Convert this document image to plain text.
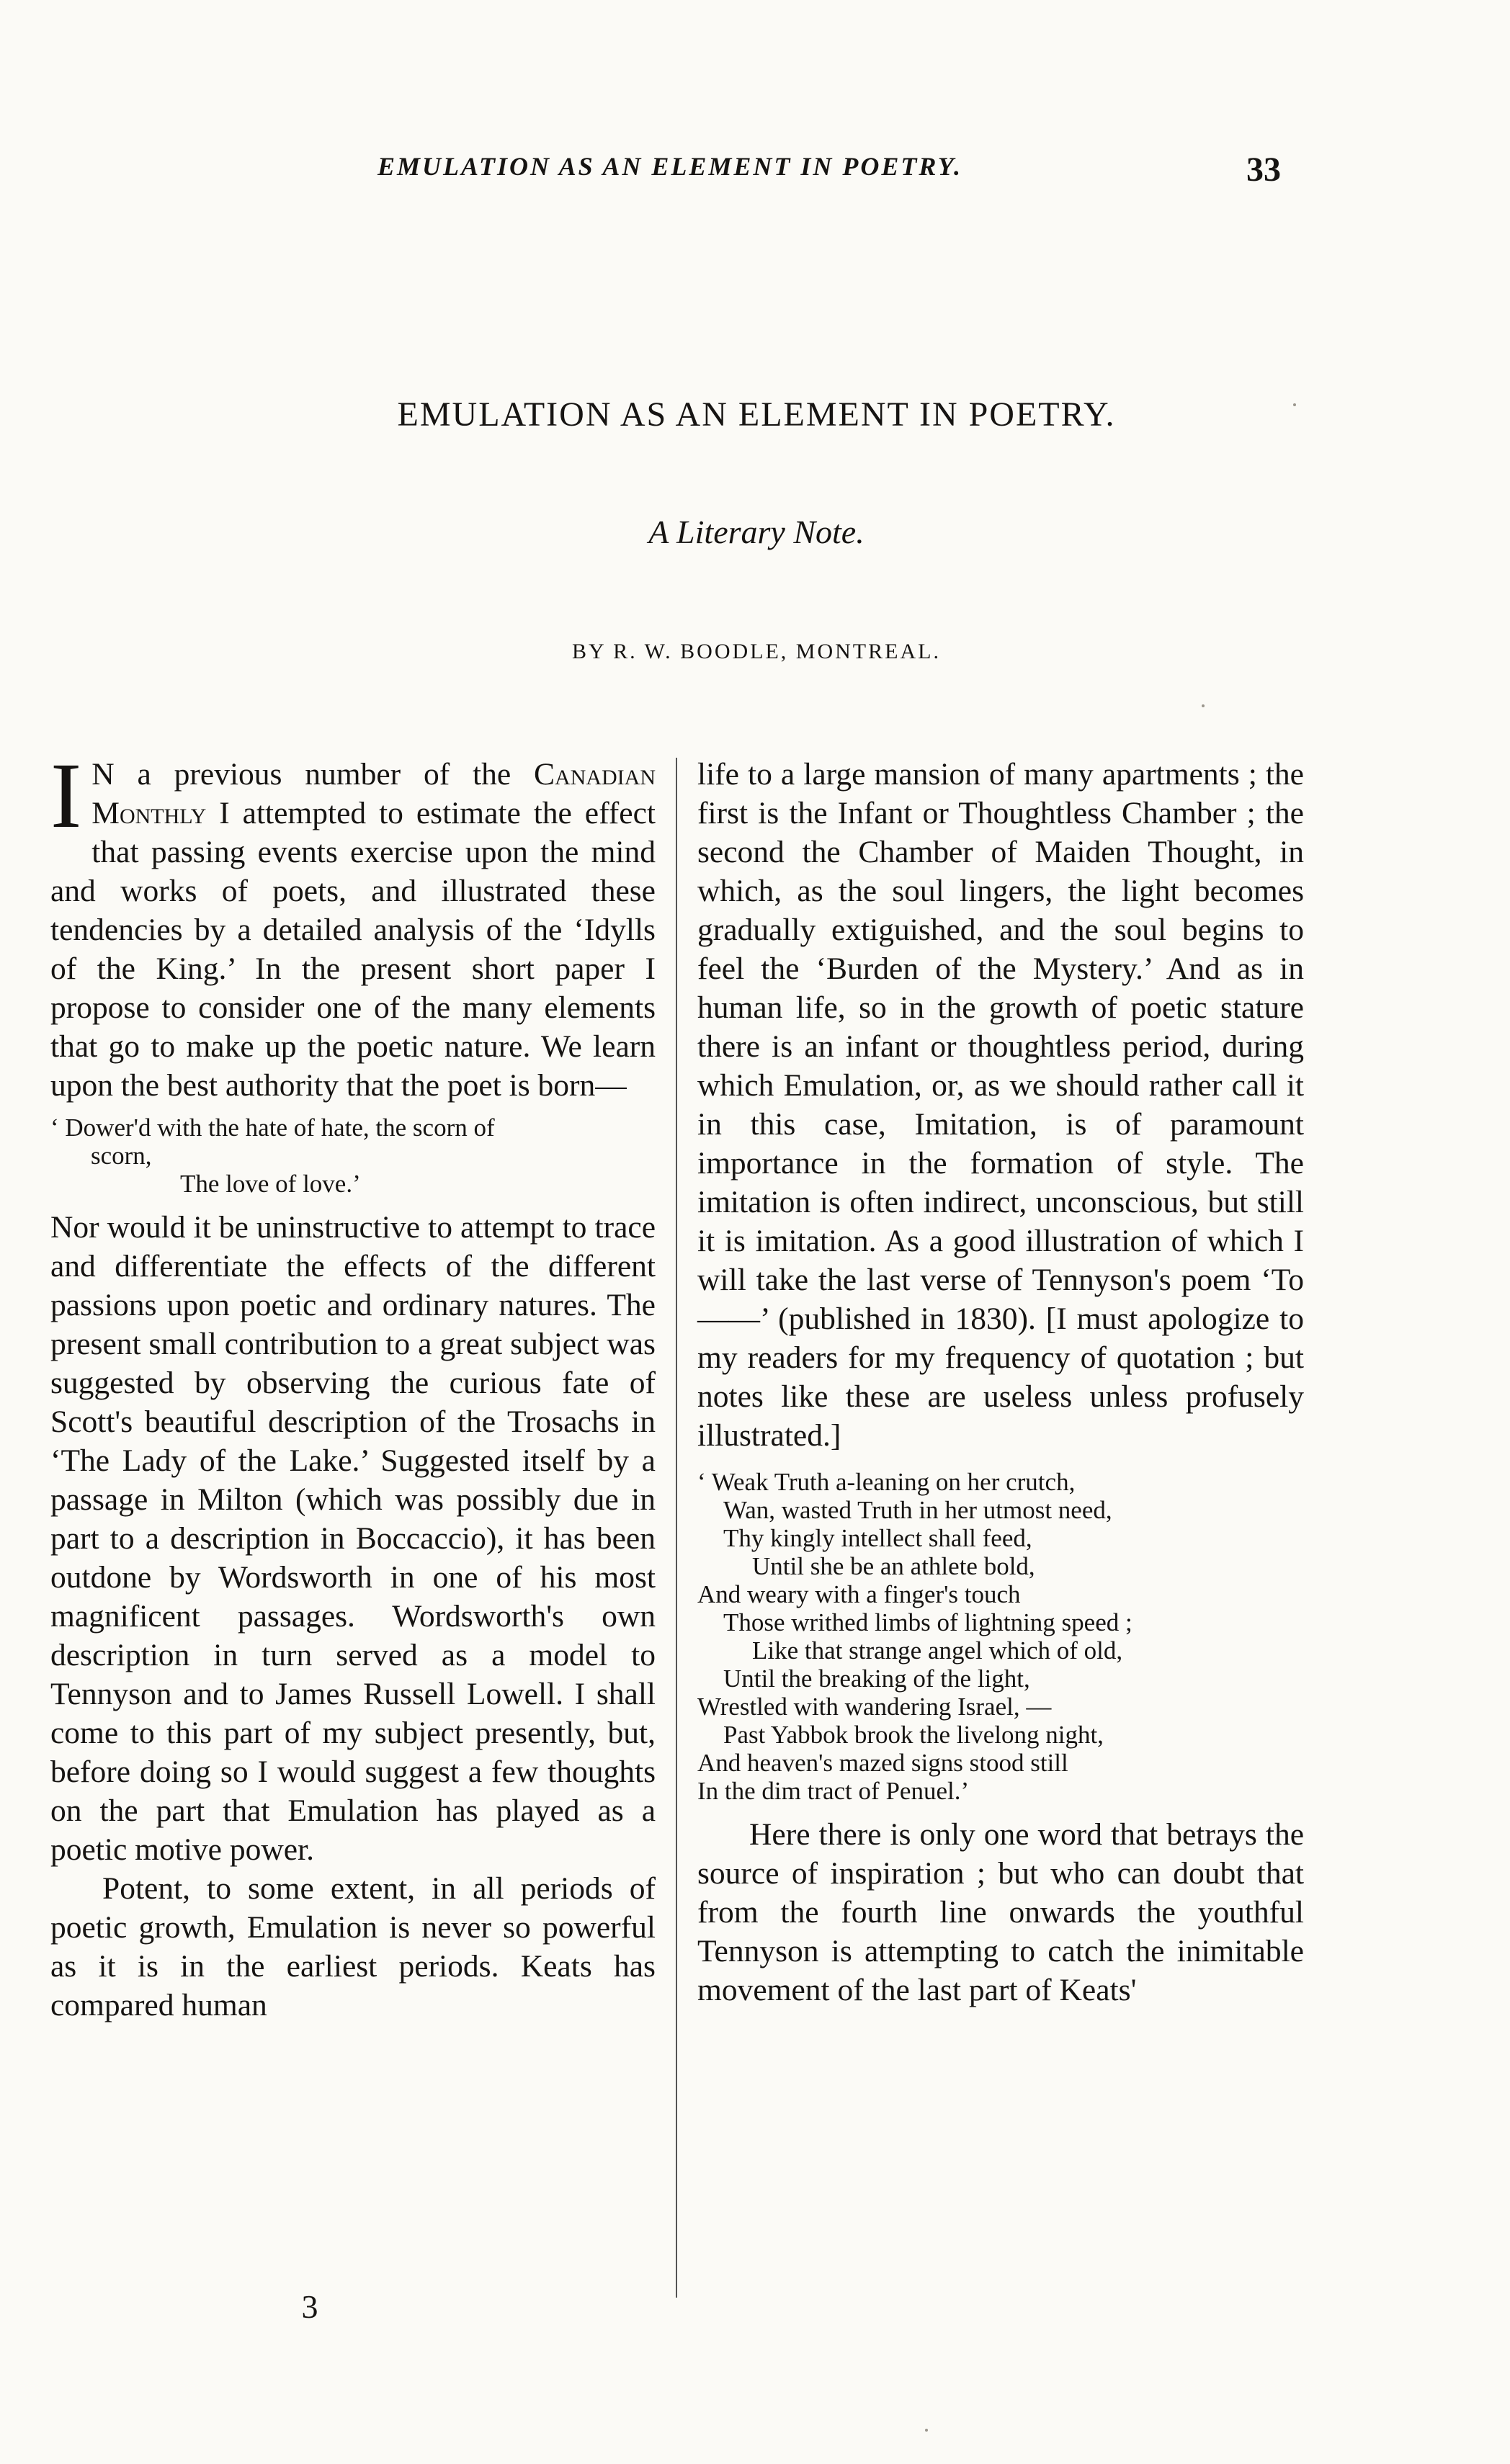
EMULATION AS AN ELEMENT IN POETRY.	33
EMULATION AS AN ELEMENT IN POETRY.
A Literary Note.
BY R. W. BOODLE, MONTREAL.

I N a previous number of the Canadian Monthly I attempted to estimate the effect that passing events exercise upon the mind and works of poets, and illustrated these tendencies by a detailed analysis of the ‘Idylls of the King.’ In the present short paper I propose to consider one of the many elements that go to make up the poetic nature. We learn upon the best authority that the poet is born—

‘ Dower'd with the hate of hate, the scorn of
scorn,
The love of love.’

Nor would it be uninstructive to attempt to trace and differentiate the effects of the different passions upon poetic and ordinary natures. The present small contribution to a great subject was suggested by observing the curious fate of Scott's beautiful description of the Trosachs in ‘The Lady of the Lake.’ Suggested itself by a passage in Milton (which was possibly due in part to a description in Boccaccio), it has been outdone by Wordsworth in one of his most magnificent passages. Wordsworth's own description in turn served as a model to Tennyson and to James Russell Lowell. I shall come to this part of my subject presently, but, before doing so I would suggest a few thoughts on the part that Emulation has played as a poetic motive power.

Potent, to some extent, in all periods of poetic growth, Emulation is never so powerful as it is in the earliest periods. Keats has compared human

life to a large mansion of many apartments ; the first is the Infant or Thoughtless Chamber ; the second the Chamber of Maiden Thought, in which, as the soul lingers, the light becomes gradually extiguished, and the soul begins to feel the ‘Burden of the Mystery.’ And as in human life, so in the growth of poetic stature there is an infant or thoughtless period, during which Emulation, or, as we should rather call it in this case, Imitation, is of paramount importance in the formation of style. The imitation is often indirect, unconscious, but still it is imitation. As a good illustration of which I will take the last verse of Tennyson's poem ‘To ——’ (published in 1830). [I must apologize to my readers for my frequency of quotation ; but notes like these are useless unless profusely illustrated.]

‘ Weak Truth a-leaning on her crutch,
Wan, wasted Truth in her utmost need,
Thy kingly intellect shall feed,
Until she be an athlete bold,
And weary with a finger's touch
Those writhed limbs of lightning speed ;
Like that strange angel which of old,
Until the breaking of the light,
Wrestled with wandering Israel, —
Past Yabbok brook the livelong night,
And heaven's mazed signs stood still
In the dim tract of Penuel.’

Here there is only one word that betrays the source of inspiration ; but who can doubt that from the fourth line onwards the youthful Tennyson is attempting to catch the inimitable movement of the last part of Keats'

3
